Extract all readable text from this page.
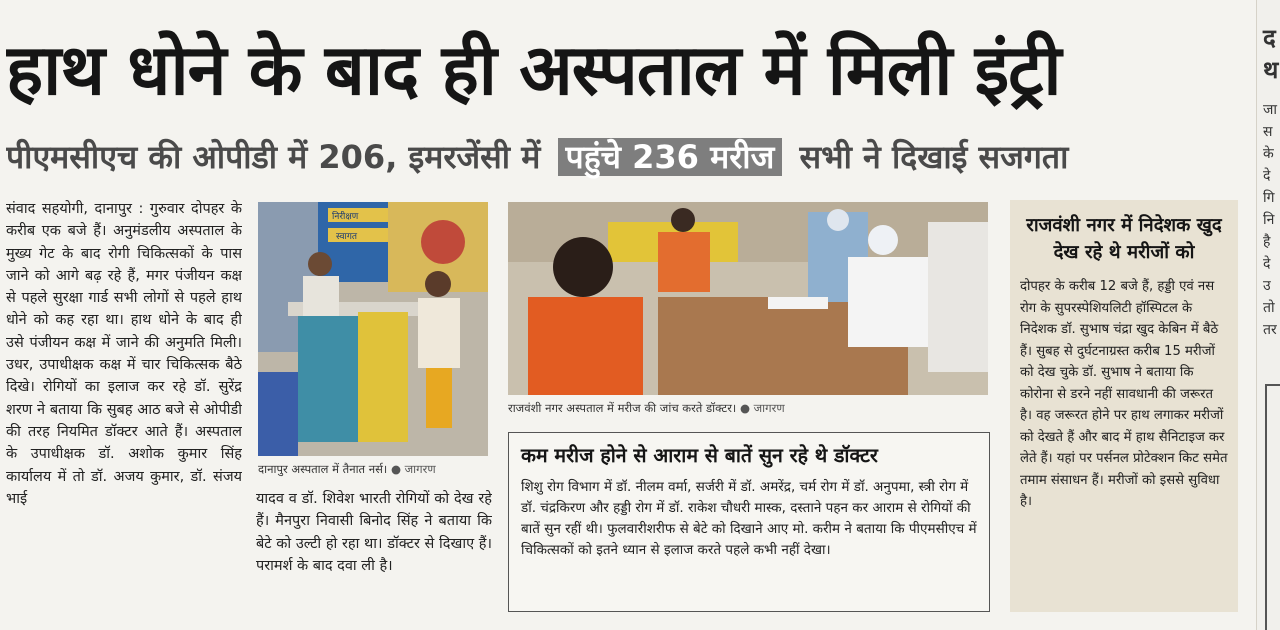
हाथ धोने के बाद ही अस्पताल में मिली इंट्री
पीएमसीएच की ओपीडी में 206, इमरजेंसी में पहुंचे 236 मरीज सभी ने दिखाई सजगता
संवाद सहयोगी, दानापुर : गुरुवार दोपहर के करीब एक बजे हैं। अनुमंडलीय अस्पताल के मुख्य गेट के बाद रोगी चिकित्सकों के पास जाने को आगे बढ़ रहे हैं, मगर पंजीयन कक्ष से पहले सुरक्षा गार्ड सभी लोगों से पहले हाथ धोने को कह रहा था। हाथ धोने के बाद ही उसे पंजीयन कक्ष में जाने की अनुमति मिली। उधर, उपाधीक्षक कक्ष में चार चिकित्सक बैठे दिखे। रोगियों का इलाज कर रहे डॉ. सुरेंद्र शरण ने बताया कि सुबह आठ बजे से ओपीडी की तरह नियमित डॉक्टर आते हैं। अस्पताल के उपाधीक्षक डॉ. अशोक कुमार सिंह कार्यालय में तो डॉ. अजय कुमार, डॉ. संजय भाई
निरीक्षण
स्वागत
दानापुर अस्पताल में तैनात नर्स। ● जागरण
यादव व डॉ. शिवेश भारती रोगियों को देख रहे हैं। मैनपुरा निवासी बिनोद सिंह ने बताया कि बेटे को उल्टी हो रहा था। डॉक्टर से दिखाए हैं। परामर्श के बाद दवा ली है।
राजवंशी नगर अस्पताल में मरीज की जांच करते डॉक्टर। ● जागरण
कम मरीज होने से आराम से बातें सुन रहे थे डॉक्टर
शिशु रोग विभाग में डॉ. नीलम वर्मा, सर्जरी में डॉ. अमरेंद्र, चर्म रोग में डॉ. अनुपमा, स्त्री रोग में डॉ. चंद्रकिरण और हड्डी रोग में डॉ. राकेश चौधरी मास्क, दस्ताने पहन कर आराम से रोगियों की बातें सुन रहीं थी। फुलवारीशरीफ से बेटे को दिखाने आए मो. करीम ने बताया कि पीएमसीएच में चिकित्सकों को इतने ध्यान से इलाज करते पहले कभी नहीं देखा।
राजवंशी नगर में निदेशक खुद देख रहे थे मरीजों को
दोपहर के करीब 12 बजे हैं, हड्डी एवं नस रोग के सुपरस्पेशियलिटी हॉस्पिटल के निदेशक डॉ. सुभाष चंद्रा खुद केबिन में बैठे हैं। सुबह से दुर्घटनाग्रस्त करीब 15 मरीजों को देख चुके डॉ. सुभाष ने बताया कि कोरोना से डरने नहीं सावधानी की जरूरत है। वह जरूरत होने पर हाथ लगाकर मरीजों को देखते हैं और बाद में हाथ सैनिटाइज कर लेते हैं। यहां पर पर्सनल प्रोटेक्शन किट समेत तमाम संसाधन हैं। मरीजों को इससे सुविधा है।
द
थ
जा
स
के
दे
गि
नि
है
दे
उ
तो
तर
